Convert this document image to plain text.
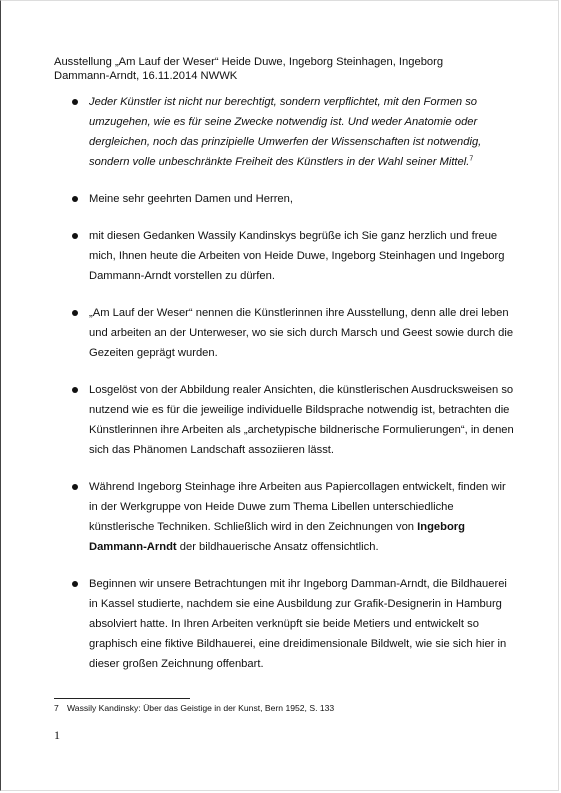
Ausstellung „Am Lauf der Weser“ Heide Duwe, Ingeborg Steinhagen, Ingeborg
Dammann-Arndt, 16.11.2014 NWWK
Jeder Künstler ist nicht nur berechtigt, sondern verpflichtet, mit den Formen so umzugehen, wie es für seine Zwecke notwendig ist. Und weder Anatomie oder dergleichen, noch das prinzipielle Umwerfen der Wissenschaften ist notwendig, sondern volle unbeschränkte Freiheit des Künstlers in der Wahl seiner Mittel.$^7$
Meine sehr geehrten Damen und Herren,
mit diesen Gedanken Wassily Kandinskys begrüße ich Sie ganz herzlich und freue mich, Ihnen heute die Arbeiten von Heide Duwe, Ingeborg Steinhagen und Ingeborg Dammann-Arndt vorstellen zu dürfen.
„Am Lauf der Weser“ nennen die Künstlerinnen ihre Ausstellung, denn alle drei leben und arbeiten an der Unterweser, wo sie sich durch Marsch und Geest sowie durch die Gezeiten geprägt wurden.
Losgelöst von der Abbildung realer Ansichten, die künstlerischen Ausdrucksweisen so nutzend wie es für die jeweilige individuelle Bildsprache notwendig ist, betrachten die Künstlerinnen ihre Arbeiten als „archetypische bildnerische Formulierungen“, in denen sich das Phänomen Landschaft assoziieren lässt.
Während Ingeborg Steinhage ihre Arbeiten aus Papiercollagen entwickelt, finden wir in der Werkgruppe von Heide Duwe zum Thema Libellen unterschiedliche künstlerische Techniken. Schließlich wird in den Zeichnungen von Ingeborg Dammann-Arndt der bildhauerische Ansatz offensichtlich.
Beginnen wir unsere Betrachtungen mit ihr Ingeborg Damman-Arndt, die Bildhauerei in Kassel studierte, nachdem sie eine Ausbildung zur Grafik-Designerin in Hamburg absolviert hatte. In Ihren Arbeiten verknüpft sie beide Metiers und entwickelt so graphisch eine fiktive Bildhauerei, eine dreidimensionale Bildwelt, wie sie sich hier in dieser großen Zeichnung offenbart.
7 Wassily Kandinsky: Über das Geistige in der Kunst, Bern 1952, S. 133
1
